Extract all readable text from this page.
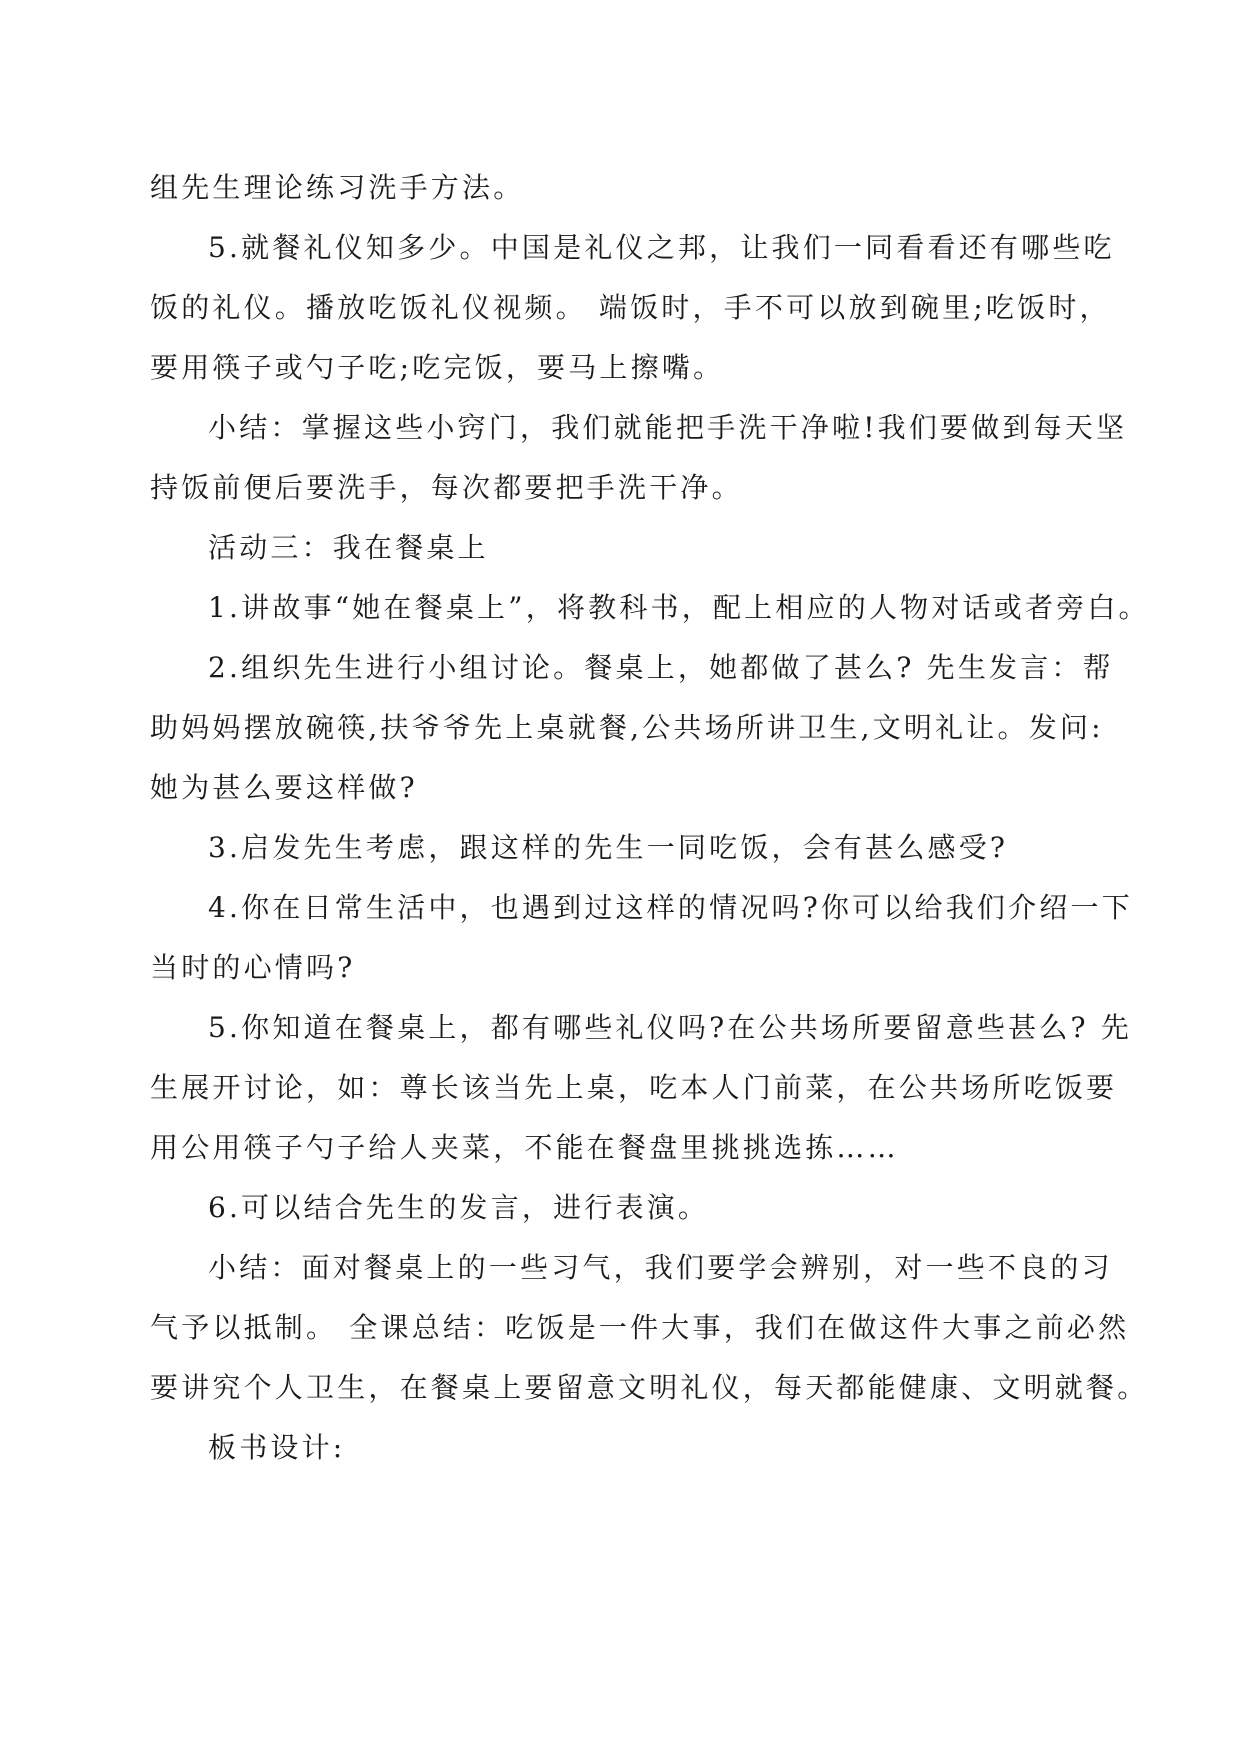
组先生理论练习洗手方法。
5.就餐礼仪知多少。中国是礼仪之邦，让我们一同看看还有哪些吃
饭的礼仪。播放吃饭礼仪视频。 端饭时，手不可以放到碗里;吃饭时，
要用筷子或勺子吃;吃完饭，要马上擦嘴。
小结：掌握这些小窍门，我们就能把手洗干净啦!我们要做到每天坚
持饭前便后要洗手，每次都要把手洗干净。
活动三：我在餐桌上
1.讲故事“她在餐桌上”，将教科书，配上相应的人物对话或者旁白。
2.组织先生进行小组讨论。餐桌上，她都做了甚么? 先生发言：帮
助妈妈摆放碗筷,扶爷爷先上桌就餐,公共场所讲卫生,文明礼让。发问:
她为甚么要这样做?
3.启发先生考虑，跟这样的先生一同吃饭，会有甚么感受?
4.你在日常生活中，也遇到过这样的情况吗?你可以给我们介绍一下
当时的心情吗?
5.你知道在餐桌上，都有哪些礼仪吗?在公共场所要留意些甚么? 先
生展开讨论，如：尊长该当先上桌，吃本人门前菜，在公共场所吃饭要
用公用筷子勺子给人夹菜，不能在餐盘里挑挑选拣……
6.可以结合先生的发言，进行表演。
小结：面对餐桌上的一些习气，我们要学会辨别，对一些不良的习
气予以抵制。 全课总结：吃饭是一件大事，我们在做这件大事之前必然
要讲究个人卫生，在餐桌上要留意文明礼仪，每天都能健康、文明就餐。
板书设计:
